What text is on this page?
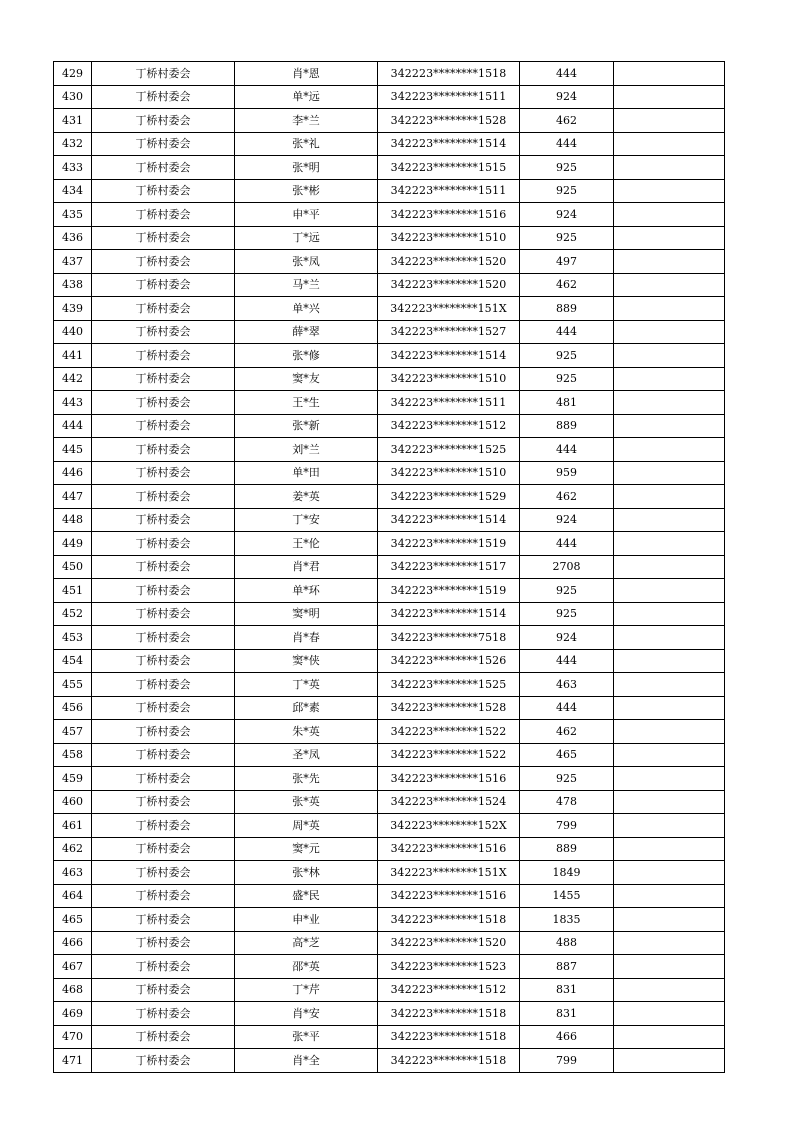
429	丁桥村委会	肖*恩	342223********1518	444	
430	丁桥村委会	单*远	342223********1511	924	
431	丁桥村委会	李*兰	342223********1528	462	
432	丁桥村委会	张*礼	342223********1514	444	
433	丁桥村委会	张*明	342223********1515	925	
434	丁桥村委会	张*彬	342223********1511	925	
435	丁桥村委会	申*平	342223********1516	924	
436	丁桥村委会	丁*远	342223********1510	925	
437	丁桥村委会	张*凤	342223********1520	497	
438	丁桥村委会	马*兰	342223********1520	462	
439	丁桥村委会	单*兴	342223********151X	889	
440	丁桥村委会	薛*翠	342223********1527	444	
441	丁桥村委会	张*修	342223********1514	925	
442	丁桥村委会	窦*友	342223********1510	925	
443	丁桥村委会	王*生	342223********1511	481	
444	丁桥村委会	张*新	342223********1512	889	
445	丁桥村委会	刘*兰	342223********1525	444	
446	丁桥村委会	单*田	342223********1510	959	
447	丁桥村委会	姜*英	342223********1529	462	
448	丁桥村委会	丁*安	342223********1514	924	
449	丁桥村委会	王*伦	342223********1519	444	
450	丁桥村委会	肖*君	342223********1517	2708	
451	丁桥村委会	单*环	342223********1519	925	
452	丁桥村委会	窦*明	342223********1514	925	
453	丁桥村委会	肖*春	342223********7518	924	
454	丁桥村委会	窦*侠	342223********1526	444	
455	丁桥村委会	丁*英	342223********1525	463	
456	丁桥村委会	邱*素	342223********1528	444	
457	丁桥村委会	朱*英	342223********1522	462	
458	丁桥村委会	圣*凤	342223********1522	465	
459	丁桥村委会	张*先	342223********1516	925	
460	丁桥村委会	张*英	342223********1524	478	
461	丁桥村委会	周*英	342223********152X	799	
462	丁桥村委会	窦*元	342223********1516	889	
463	丁桥村委会	张*林	342223********151X	1849	
464	丁桥村委会	盛*民	342223********1516	1455	
465	丁桥村委会	申*业	342223********1518	1835	
466	丁桥村委会	高*芝	342223********1520	488	
467	丁桥村委会	邵*英	342223********1523	887	
468	丁桥村委会	丁*芹	342223********1512	831	
469	丁桥村委会	肖*安	342223********1518	831	
470	丁桥村委会	张*平	342223********1518	466	
471	丁桥村委会	肖*全	342223********1518	799	
